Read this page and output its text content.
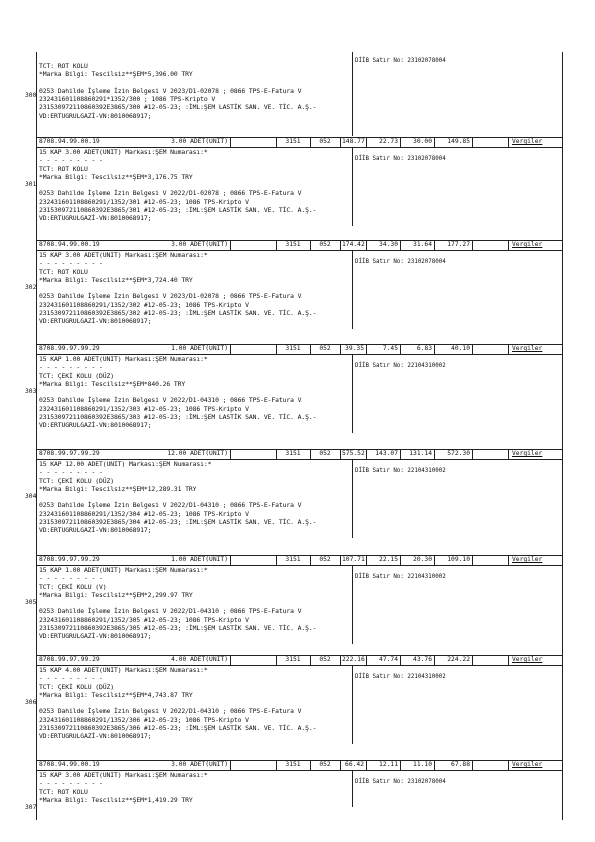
TCT: ROT KOLU
*Marka Bilgi: Tescilsiz**ŞEM*5,396.00 TRY

0253 Dahilde İşleme İzin Belgesi V 2023/D1-02078 ; 0866 TPS-E-Fatura V
232431601108860291*1352/300 ; 1086 TPS-Kripto V
231530972110860392E3865/300 #12-05-23; :İML:ŞEM LASTİK SAN. VE. TİC. A.Ş.-
VD:ERTUGRULGAZİ-VN:8010068917;
300
DİİB Satır No: 23102078004
8708.94.99.00.19	3.00 ADET(UNIT)	3151	052	148.77	22.73	30.00	149.85	Vergiler
15 KAP 3.00 ADET(UNIT) Markası:ŞEM Numarası:*
- - - - - - - - -
TCT: ROT KOLU
*Marka Bilgi: Tescilsiz**ŞEM*3,176.75 TRY

0253 Dahilde İşleme İzin Belgesi V 2022/D1-02078 ; 0866 TPS-E-Fatura V
232431601108860291/1352/301 #12-05-23; 1086 TPS-Kripto V
231530972110860392E3865/301 #12-05-23; :İML:ŞEM LASTİK SAN. VE. TİC. A.Ş.-
VD:ERTUGRULGAZİ-VN:8010068917;
301
DİİB Satır No: 23102078004
8708.94.99.00.19	3.00 ADET(UNIT)	3151	052	174.42	34.30	31.64	177.27	Vergiler
15 KAP 3.00 ADET(UNIT) Markası:ŞEM Numarası:*
- - - - - - - - -
TCT: ROT KOLU
*Marka Bilgi: Tescilsiz**ŞEM*3,724.40 TRY

0253 Dahilde İşleme İzin Belgesi V 2023/D1-02078 ; 0866 TPS-E-Fatura V
232431601108860291/1352/302 #12-05-23; 1086 TPS-Kripto V
231530972110860392E3865/302 #12-05-23; :İML:ŞEM LASTİK SAN. VE. TİC. A.Ş.-
VD:ERTUGRULGAZİ-VN:8010068917;
302
DİİB Satır No: 23102078004
8708.99.97.99.29	1.00 ADET(UNIT)	3151	052	39.35	7.45	6.83	40.10	Vergiler
15 KAP 1.00 ADET(UNIT) Markası:ŞEM Numarası:*
- - - - - - - - -
TCT: ÇEKİ KOLU (DÜZ)
*Marka Bilgi: Tescilsiz**ŞEM*840.26 TRY

0253 Dahilde İşleme İzin Belgesi V 2022/D1-04310 ; 0866 TPS-E-Fatura V
232431601108860291/1352/303 #12-05-23; 1086 TPS-Kripto V
231530972110860392E3865/303 #12-05-23; :İML:ŞEM LASTİK SAN. VE. TİC. A.Ş.-
VD:ERTUGRULGAZİ-VN:8010068917;
303
DİİB Satır No: 22104310002
8708.99.97.99.29	12.00 ADET(UNIT)	3151	052	575.52	143.07	131.14	572.30	Vergiler
15 KAP 12.00 ADET(UNIT) Markası:ŞEM Numarası:*
- - - - - - - - -
TCT: ÇEKİ KOLU (DÜZ)
*Marka Bilgi: Tescilsiz**ŞEM*12,289.31 TRY

0253 Dahilde İşleme İzin Belgesi V 2022/D1-04310 ; 0866 TPS-E-Fatura V
232431601108860291/1352/304 #12-05-23; 1086 TPS-Kripto V
231530972110860392E3865/304 #12-05-23; :İML:ŞEM LASTİK SAN. VE. TİC. A.Ş.-
VD:ERTUGRULGAZİ-VN:8010068917;
304
DİİB Satır No: 22104310002
8708.99.97.99.29	1.00 ADET(UNIT)	3151	052	107.71	22.15	20.30	109.10	Vergiler
15 KAP 1.00 ADET(UNIT) Markası:ŞEM Numarası:*
- - - - - - - - -
TCT: ÇEKİ KOLU (V)
*Marka Bilgi: Tescilsiz**ŞEM*2,299.97 TRY

0253 Dahilde İşleme İzin Belgesi V 2022/D1-04310 ; 0866 TPS-E-Fatura V
232431601108860291/1352/305 #12-05-23; 1086 TPS-Kripto V
231530972110860392E3865/305 #12-05-23; :İML:ŞEM LASTİK SAN. VE. TİC. A.Ş.-
VD:ERTUGRULGAZİ-VN:8010068917;
305
DİİB Satır No: 22104310002
8708.99.97.99.29	4.00 ADET(UNIT)	3151	052	222.16	47.74	43.76	224.22	Vergiler
15 KAP 4.00 ADET(UNIT) Markası:ŞEM Numarası:*
- - - - - - - - -
TCT: ÇEKİ KOLU (DÜZ)
*Marka Bilgi: Tescilsiz**ŞEM*4,743.87 TRY

0253 Dahilde İşleme İzin Belgesi V 2022/D1-04310 ; 0866 TPS-E-Fatura V
232431601108860291/1352/306 #12-05-23; 1086 TPS-Kripto V
231530972110860392E3865/306 #12-05-23; :İML:ŞEM LASTİK SAN. VE. TİC. A.Ş.-
VD:ERTUGRULGAZİ-VN:8010068917;
306
DİİB Satır No: 22104310002
8708.94.99.00.19	3.00 ADET(UNIT)	3151	052	66.42	12.11	11.10	67.88	Vergiler
15 KAP 3.00 ADET(UNIT) Markası:ŞEM Numarası:*
- - - - - - - - -
TCT: ROT KOLU
*Marka Bilgi: Tescilsiz**ŞEM*1,419.29 TRY
307
DİİB Satır No: 23102078004
